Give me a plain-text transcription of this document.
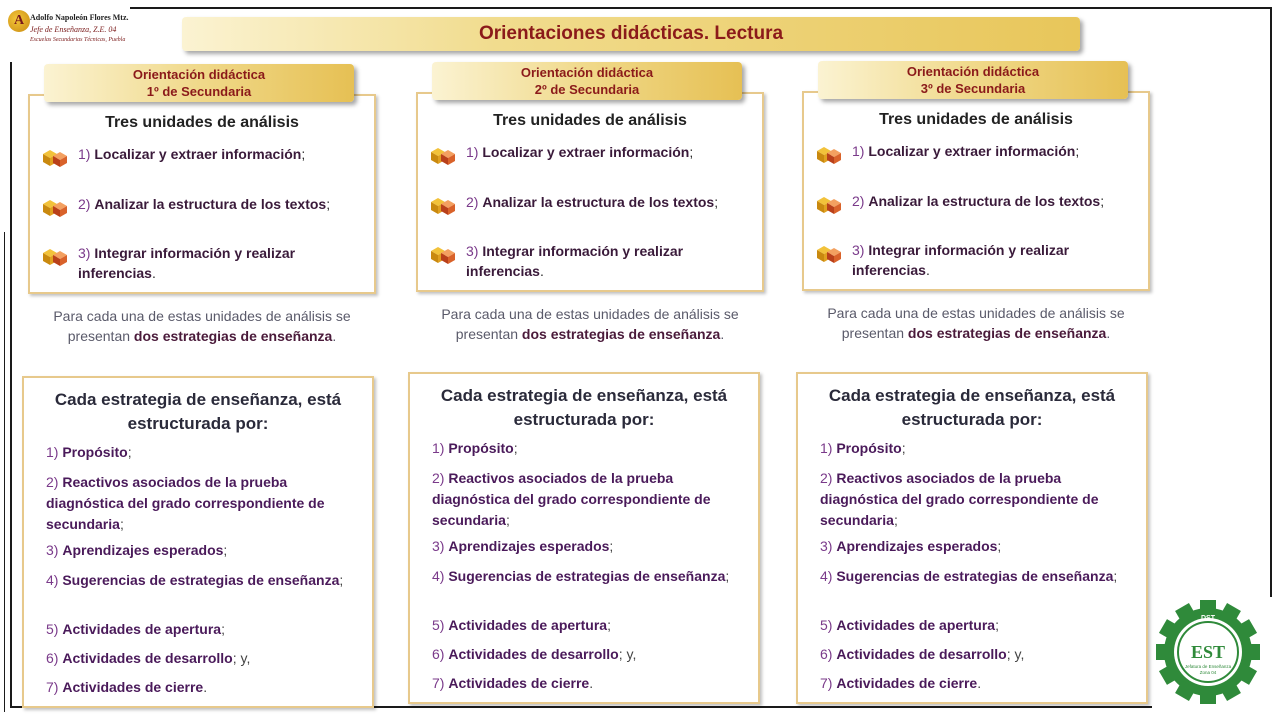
A Adolfo Napoleón Flores Mtz.
Jefe de Enseñanza, Z.E. 04
Escuelas Secundarias Técnicas, Puebla	Orientaciones didácticas. Lectura
Orientación didáctica
1º de Secundaria
Tres unidades de análisis
1) Localizar y extraer información;
2) Analizar la estructura de los textos;
3) Integrar información y realizar inferencias.
Para cada una de estas unidades de análisis se presentan dos estrategias de enseñanza.
Cada estrategia de enseñanza, está estructurada por:
1) Propósito;
2) Reactivos asociados de la prueba diagnóstica del grado correspondiente de secundaria;
3) Aprendizajes esperados;
4) Sugerencias de estrategias de enseñanza;
5) Actividades de apertura;
6) Actividades de desarrollo; y,
7) Actividades de cierre.
Orientación didáctica
2º de Secundaria
Tres unidades de análisis
1) Localizar y extraer información;
2) Analizar la estructura de los textos;
3) Integrar información y realizar inferencias.
Para cada una de estas unidades de análisis se presentan dos estrategias de enseñanza.
Cada estrategia de enseñanza, está estructurada por:
1) Propósito;
2) Reactivos asociados de la prueba diagnóstica del grado correspondiente de secundaria;
3) Aprendizajes esperados;
4) Sugerencias de estrategias de enseñanza;
5) Actividades de apertura;
6) Actividades de desarrollo; y,
7) Actividades de cierre.
Orientación didáctica
3º de Secundaria
Tres unidades de análisis
1) Localizar y extraer información;
2) Analizar la estructura de los textos;
3) Integrar información y realizar inferencias.
Para cada una de estas unidades de análisis se presentan dos estrategias de enseñanza.
Cada estrategia de enseñanza, está estructurada por:
1) Propósito;
2) Reactivos asociados de la prueba diagnóstica del grado correspondiente de secundaria;
3) Aprendizajes esperados;
4) Sugerencias de estrategias de enseñanza;
5) Actividades de apertura;
6) Actividades de desarrollo; y,
7) Actividades de cierre.
DST
EST
Jefatura de Enseñanza
Zona 04
